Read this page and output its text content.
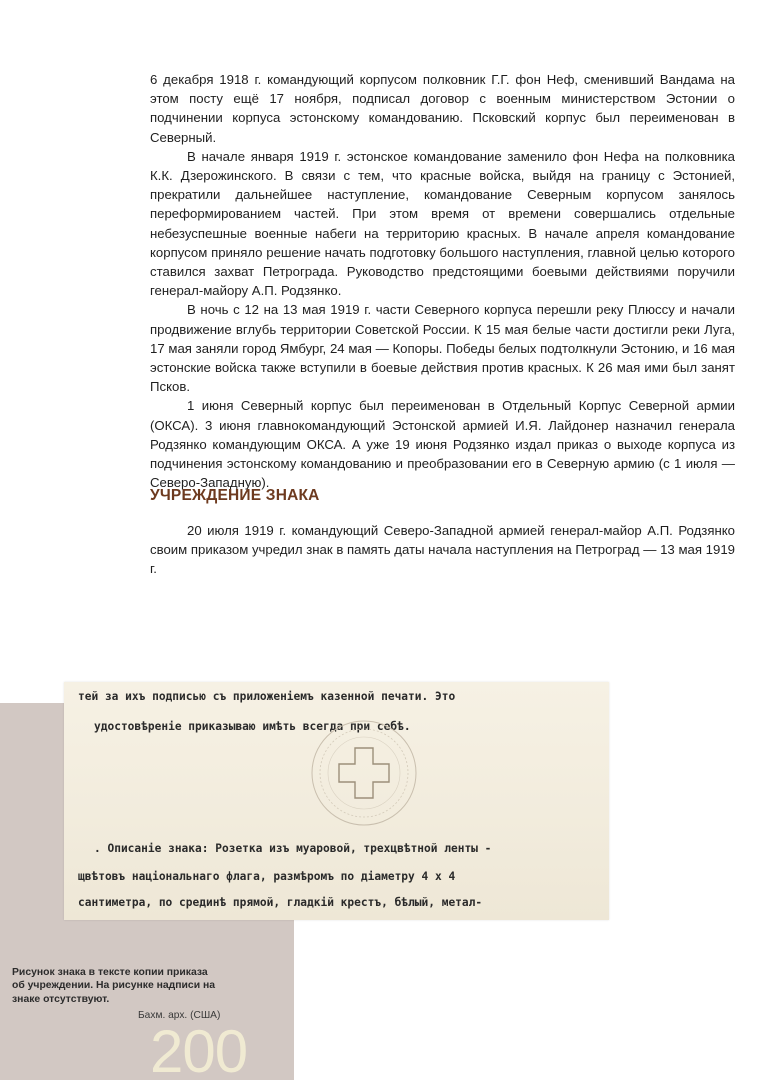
6 декабря 1918 г. командующий корпусом полковник Г.Г. фон Неф, сменивший Вандама на этом посту ещё 17 ноября, подписал договор с военным министерством Эстонии о подчинении корпуса эстонскому командованию. Псковский корпус был переименован в Северный.

В начале января 1919 г. эстонское командование заменило фон Нефа на полковника К.К. Дзерожинского. В связи с тем, что красные войска, выйдя на границу с Эстонией, прекратили дальнейшее наступление, командование Северным корпусом занялось переформированием частей. При этом время от времени совершались отдельные небезуспешные военные набеги на территорию красных. В начале апреля командование корпусом приняло решение начать подготовку большого наступления, главной целью которого ставился захват Петрограда. Руководство предстоящими боевыми действиями поручили генерал-майору А.П. Родзянко.

В ночь с 12 на 13 мая 1919 г. части Северного корпуса перешли реку Плюссу и начали продвижение вглубь территории Советской России. К 15 мая белые части достигли реки Луга, 17 мая заняли город Ямбург, 24 мая — Копоры. Победы белых подтолкнули Эстонию, и 16 мая эстонские войска также вступили в боевые действия против красных. К 26 мая ими был занят Псков.

1 июня Северный корпус был переименован в Отдельный Корпус Северной армии (ОКСА). 3 июня главнокомандующий Эстонской армией И.Я. Лайдонер назначил генерала Родзянко командующим ОКСА. А уже 19 июня Родзянко издал приказ о выходе корпуса из подчинения эстонскому командованию и преобразовании его в Северную армию (с 1 июля — Северо-Западную).

УЧРЕЖДЕНИЕ ЗНАКА

20 июля 1919 г. командующий Северо-Западной армией генерал-майор А.П. Родзянко своим приказом учредил знак в память даты начала наступления на Петроград — 13 мая 1919 г.

тей за ихъ подписью съ приложенiемъ казенной печати. Это
удостовѣренiе приказываю имѣть всегда при себѣ.
. Описанiе знака: Розетка изъ муаровой, трехцвѣтной ленты -
щвѣтовъ нацiональнаго флага, размѣромъ по дiаметру 4 х 4
сантиметра, по срединѣ прямой, гладкiй крестъ, бѣлый, метал-
Рисунок знака в тексте копии приказа об учреждении. На рисунке надписи на знаке отсутствуют.
Бахм. арх. (США)
200
